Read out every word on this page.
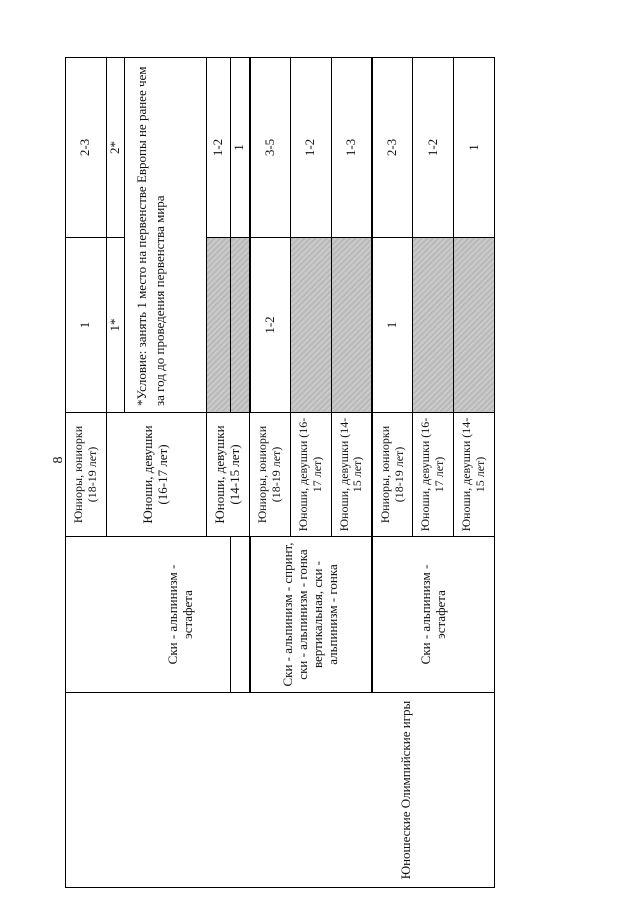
8
Юношеские Олимпийские игры	Ски - альпинизм - эстафета	Юниоры, юниорки (18-19 лет)	1	2-3
		Юноши, девушки (16-17 лет)	1*	2*
			*Условие: занять 1 место на первенстве Европы не ранее чем за год до проведения первенства мира	
		Юноши, девушки (14-15 лет)		1-2
				1
	Ски - альпинизм - спринт, ски - альпинизм - гонка вертикальная, ски - альпинизм - гонка	Юниоры, юниорки (18-19 лет)	1-2	3-5
		Юноши, девушки (16-17 лет)		1-2
		Юноши, девушки (14-15 лет)		1-3
	Ски - альпинизм - эстафета	Юниоры, юниорки (18-19 лет)	1	2-3
		Юноши, девушки (16-17 лет)		1-2
		Юноши, девушки (14-15 лет)		1
